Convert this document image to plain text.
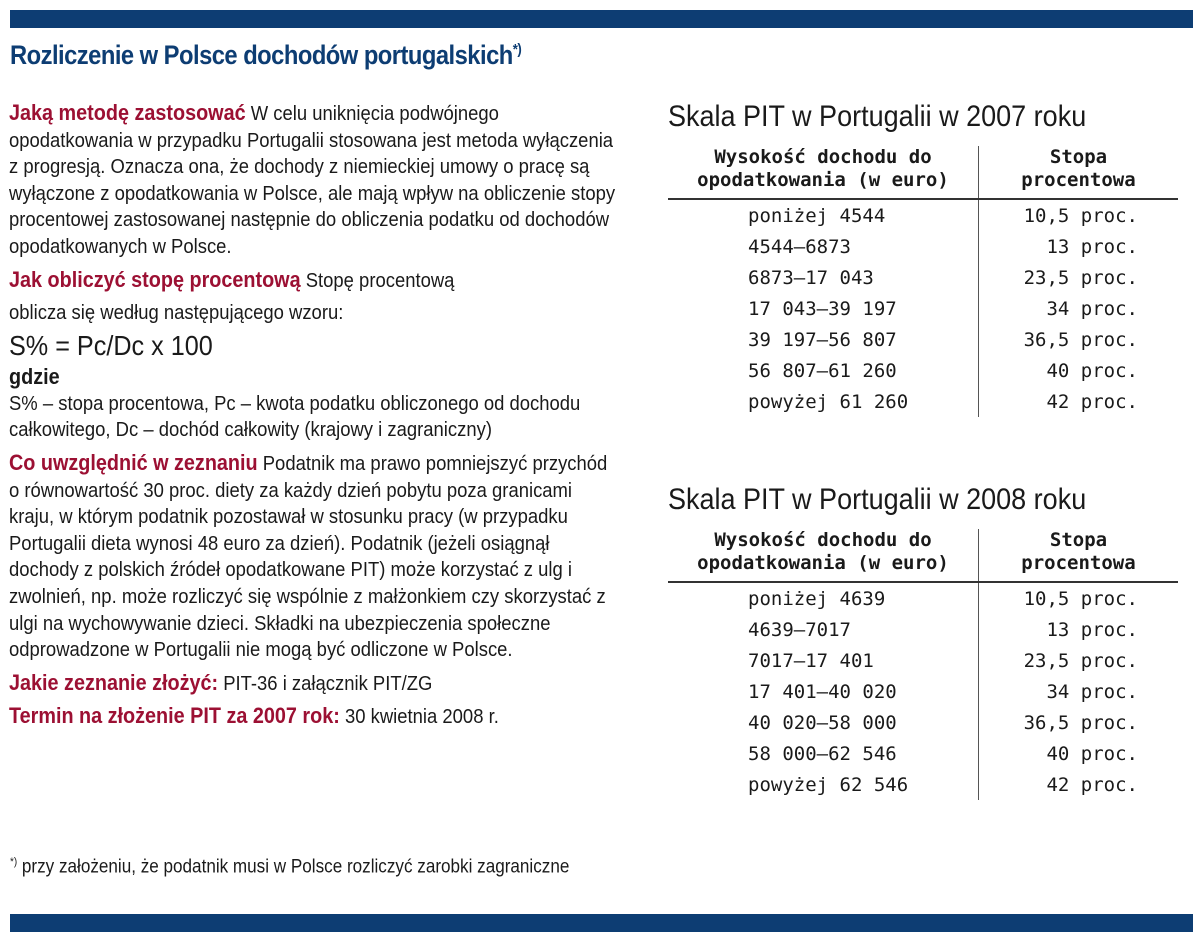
Rozliczenie w Polsce dochodów portugalskich*)

Jaką metodę zastosować W celu uniknięcia podwójnego opodatkowania w przypadku Portugalii stosowana jest metoda wyłączenia z progresją. Oznacza ona, że dochody z niemieckiej umowy o pracę są wyłączone z opodatkowania w Polsce, ale mają wpływ na obliczenie stopy procentowej zastosowanej następnie do obliczenia podatku od dochodów opodatkowanych w Polsce.

Jak obliczyć stopę procentową Stopę procentową

oblicza się według następującego wzoru:

S% = Pc/Dc x 100

gdzie

S% – stopa procentowa, Pc – kwota podatku obliczonego od dochodu całkowitego, Dc – dochód całkowity (krajowy i zagraniczny)

Co uwzględnić w zeznaniu Podatnik ma prawo pomniejszyć przychód o równowartość 30 proc. diety za każdy dzień pobytu poza granicami kraju, w którym podatnik pozostawał w stosunku pracy (w przypadku Portugalii dieta wynosi 48 euro za dzień). Podatnik (jeżeli osiągnął dochody z polskich źródeł opodatkowane PIT) może korzystać z ulg i zwolnień, np. może rozliczyć się wspólnie z małżonkiem czy skorzystać z ulgi na wychowywanie dzieci. Składki na ubezpieczenia społeczne odprowadzone w Portugalii nie mogą być odliczone w Polsce.

Jakie zeznanie złożyć: PIT-36 i załącznik PIT/ZG

Termin na złożenie PIT za 2007 rok: 30 kwietnia 2008 r.

*) przy założeniu, że podatnik musi w Polsce rozliczyć zarobki zagraniczne

Skala PIT w Portugalii w 2007 roku
Wysokość dochodu do
opodatkowania (w euro)	Stopa
procentowa
poniżej 4544	10,5 proc.
4544–6873	13 proc.
6873–17 043	23,5 proc.
17 043–39 197	34 proc.
39 197–56 807	36,5 proc.
56 807–61 260	40 proc.
powyżej 61 260	42 proc.
Skala PIT w Portugalii w 2008 roku
Wysokość dochodu do
opodatkowania (w euro)	Stopa
procentowa
poniżej 4639	10,5 proc.
4639–7017	13 proc.
7017–17 401	23,5 proc.
17 401–40 020	34 proc.
40 020–58 000	36,5 proc.
58 000–62 546	40 proc.
powyżej 62 546	42 proc.
